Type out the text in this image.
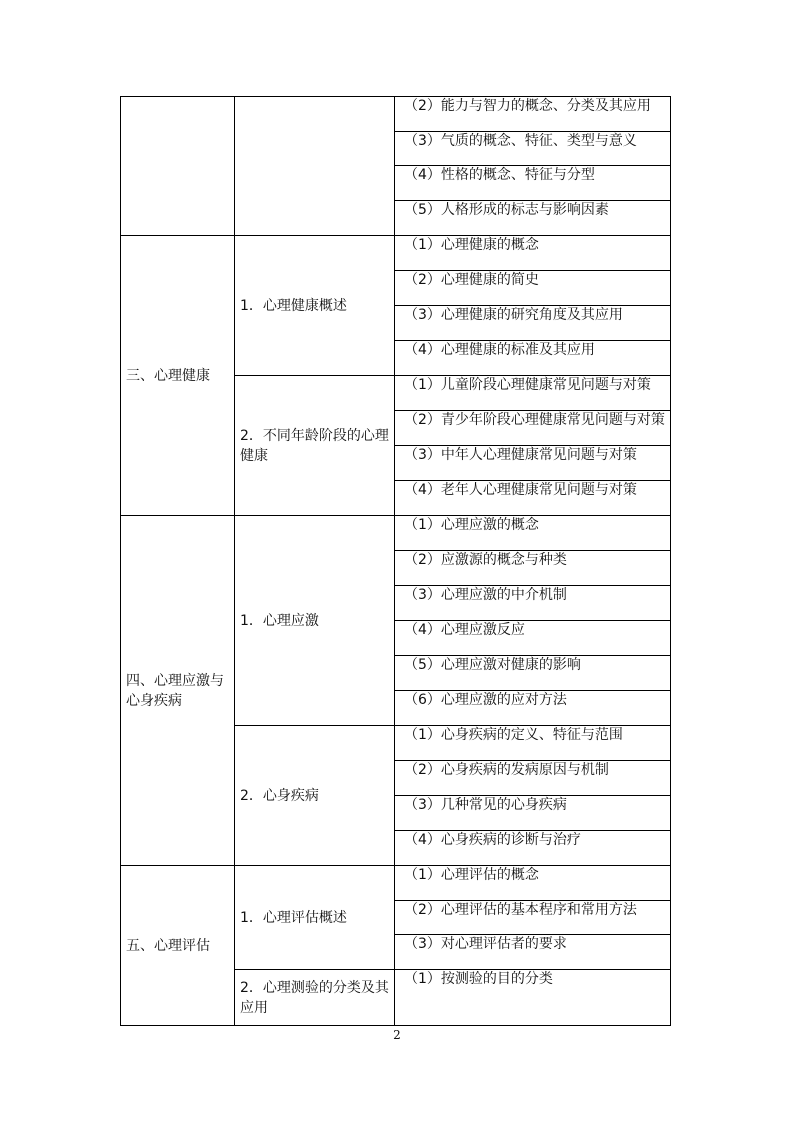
		（2）能力与智力的概念、分类及其应用

		（3）气质的概念、特征、类型与意义

		（4）性格的概念、特征与分型

		（5）人格形成的标志与影响因素

三、心理健康	1．心理健康概述	（1）心理健康的概念

		（2）心理健康的简史

		（3）心理健康的研究角度及其应用

		（4）心理健康的标准及其应用

	2．不同年龄阶段的心理健康	（1）儿童阶段心理健康常见问题与对策

		（2）青少年阶段心理健康常见问题与对策

		（3）中年人心理健康常见问题与对策

		（4）老年人心理健康常见问题与对策

四、心理应激与心身疾病	1．心理应激	（1）心理应激的概念

		（2）应激源的概念与种类

		（3）心理应激的中介机制

		（4）心理应激反应

		（5）心理应激对健康的影响

		（6）心理应激的应对方法

	2．心身疾病	（1）心身疾病的定义、特征与范围

		（2）心身疾病的发病原因与机制

		（3）几种常见的心身疾病

		（4）心身疾病的诊断与治疗

五、心理评估	1．心理评估概述	（1）心理评估的概念

		（2）心理评估的基本程序和常用方法

		（3）对心理评估者的要求

	2．心理测验的分类及其应用	（1）按测验的目的分类
2
